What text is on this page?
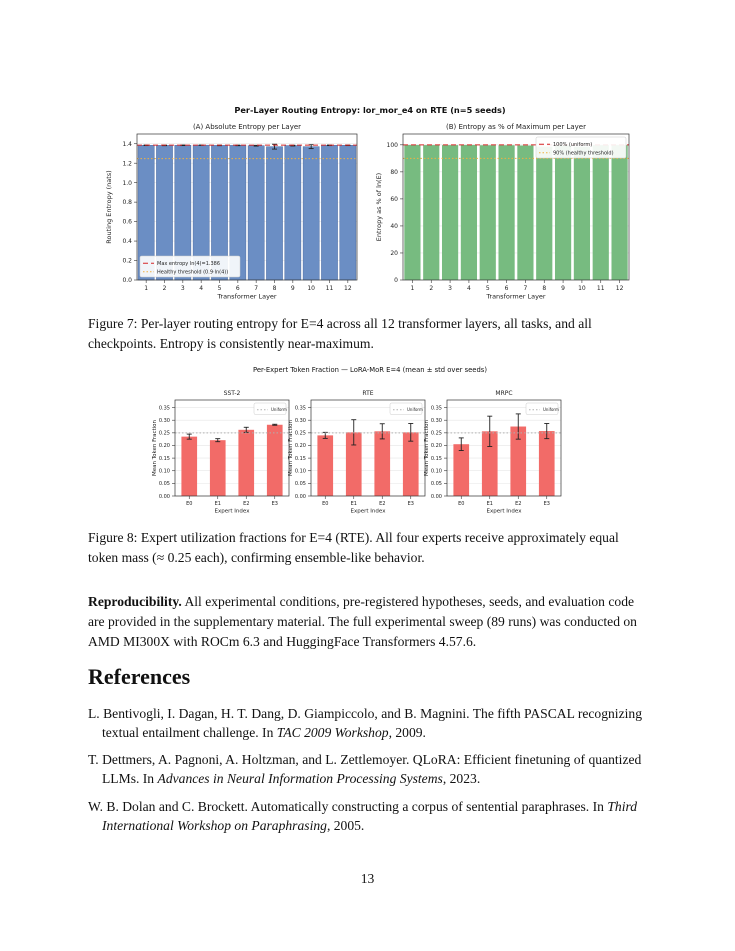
Per-Layer Routing Entropy: lor_mor_e4 on RTE (n=5 seeds)
(A) Absolute Entropy per Layer
0.0
0.2
0.4
0.6
0.8
1.0
1.2
1.4
1 2 3 4 5 6 7 8 9 10 11 12
Transformer Layer
Routing Entropy (nats)
Max entropy ln(4)=1.386
Healthy threshold (0.9·ln(4))
(B) Entropy as % of Maximum per Layer
0
20
40
60
80
100
1	2	3	4	5	6	7	8	9 10 11 12
Transformer Layer
Entropy as % of ln(E)
100% (uniform)
90% (healthy threshold)
Figure 7: Per-layer routing entropy for E=4 across all 12 transformer layers, all tasks, and all checkpoints. Entropy is consistently near-maximum.
Per-Expert Token Fraction — LoRA-MoR E=4 (mean ± std over seeds)
SST-2
0.00
0.05
0.10
0.15
0.20
0.25
0.30
0.35
E0	E1	E2	E3
Expert Index
Mean Token Fraction
Uniform
RTE
0.00
0.05
0.10
0.15
0.20
0.25
0.30
0.35
E0	E1	E2	E3
Expert Index
Mean Token Fraction
Uniform
MRPC
0.00
0.05
0.10
0.15
0.20
0.25
0.30
0.35
E0	E1	E2	E3
Expert Index
Mean Token Fraction
Uniform
Figure 8: Expert utilization fractions for E=4 (RTE). All four experts receive approximately equal token mass (≈ 0.25 each), confirming ensemble-like behavior.
Reproducibility. All experimental conditions, pre-registered hypotheses, seeds, and evaluation code are provided in the supplementary material. The full experimental sweep (89 runs) was conducted on AMD MI300X with ROCm 6.3 and HuggingFace Transformers 4.57.6.
References
L. Bentivogli, I. Dagan, H. T. Dang, D. Giampiccolo, and B. Magnini. The fifth PASCAL recognizing textual entailment challenge. In TAC 2009 Workshop, 2009.
T. Dettmers, A. Pagnoni, A. Holtzman, and L. Zettlemoyer. QLoRA: Efficient finetuning of quantized LLMs. In Advances in Neural Information Processing Systems, 2023.
W. B. Dolan and C. Brockett. Automatically constructing a corpus of sentential paraphrases. In Third International Workshop on Paraphrasing, 2005.
13
